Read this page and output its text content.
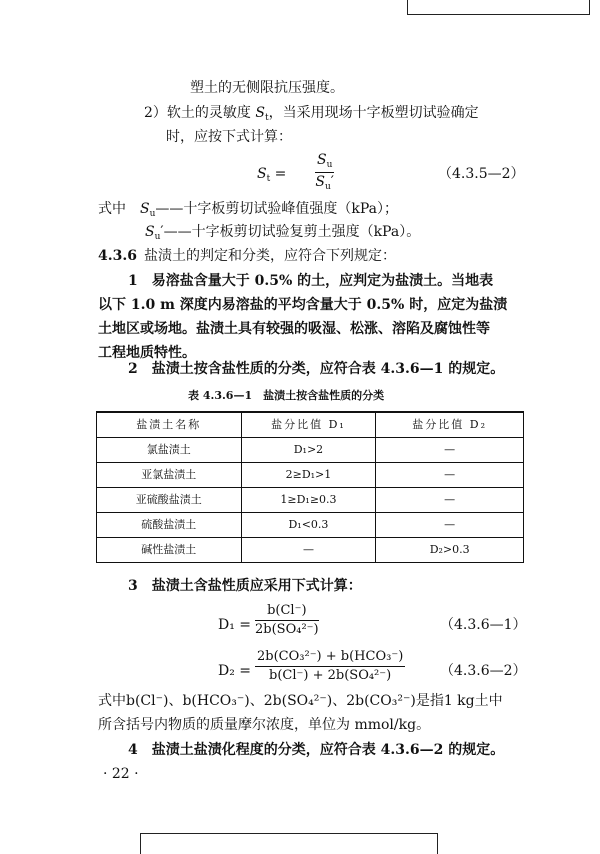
塑土的无侧限抗压强度。
2）软土的灵敏度 $S_t$，当采用现场十字板塑切试验确定
时，应按下式计算：
$S_t = \frac{S_u}{S_u'}$	（4.3.5—2）
式中  $S_u——$十字板剪切试验峰值强度（kPa）；
$S_u'——$十字板剪切试验复剪土强度（kPa）。
4.3.6  盐渍土的判定和分类，应符合下列规定：
1　易溶盐含量大于 0.5% 的土，应判定为盐渍土。当地表
以下 1.0 m 深度内易溶盐的平均含量大于 0.5% 时，应定为盐渍
土地区或场地。盐渍土具有较强的吸湿、松涨、溶陷及腐蚀性等
工程地质特性。
2　盐渍土按含盐性质的分类，应符合表 4.3.6—1 的规定。
表 4.3.6—1　盐渍土按含盐性质的分类
盐渍土名称	盐分比值 D₁	盐分比值 D₂
氯盐渍土	D₁>2	—
亚氯盐渍土	2≥D₁>1	—
亚硫酸盐渍土	1≥D₁≥0.3	—
硫酸盐渍土	D₁<0.3	—
碱性盐渍土	—	D₂>0.3
3　盐渍土含盐性质应采用下式计算：
$D_1 = \frac{b(Cl^-)}{\text{2b(SO₄²⁻)}}$	（4.3.6—1）
D₂ =
2b(CO₃²⁻) + b(HCO₃⁻)
b(Cl⁻) + 2b(SO₄²⁻)	（4.3.6—2）
式中b(Cl⁻)、b(HCO₃⁻)、2b(SO₄²⁻)、2b(CO₃²⁻)是指1 kg土中
所含括号内物质的质量摩尔浓度，单位为 mmol/kg。
4　盐渍土盐渍化程度的分类，应符合表 4.3.6—2 的规定。
· 22 ·
